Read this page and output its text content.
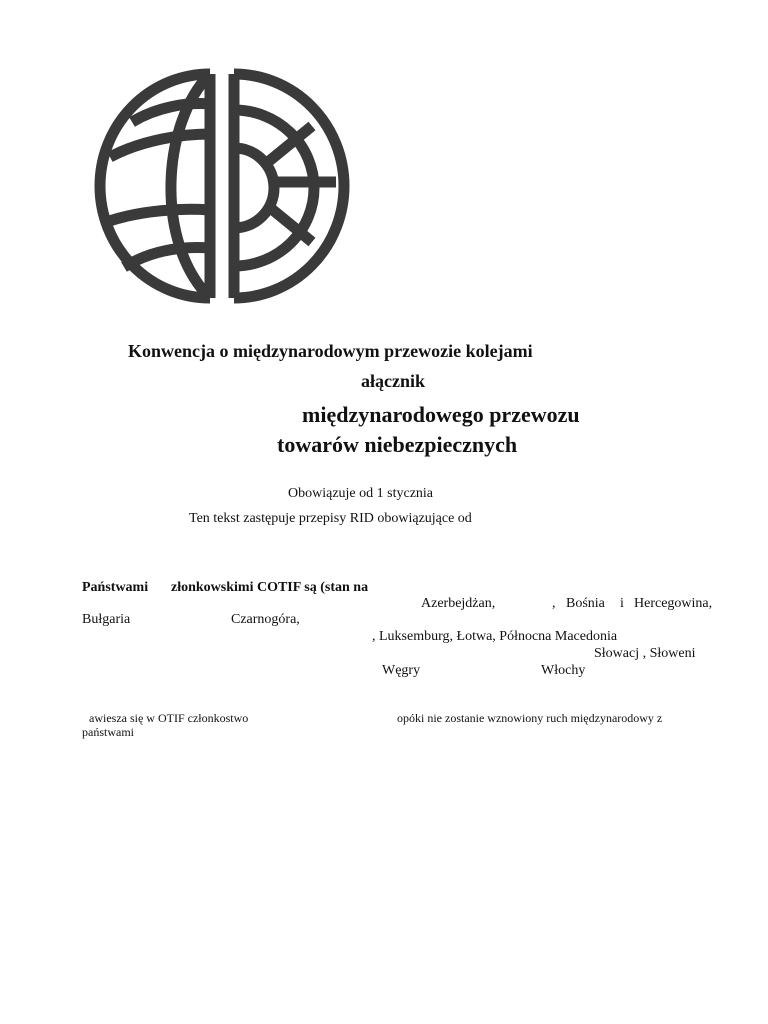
Konwencja o międzynarodowym przewozie kolejami
ałącznik
międzynarodowego przewozu
towarów niebezpiecznych
Obowiązuje od 1 stycznia
Ten tekst zastępuje przepisy RID obowiązujące od
Państwami złonkowskimi COTIF są (stan na
Azerbejdżan,	, Bośnia i Hercegowina,
Bułgaria	Czarnogóra,
, Luksemburg, Łotwa, Północna Macedonia
Słowacj , Słoweni
Węgry	Włochy
awiesza się w OTIF członkostwo	opóki nie zostanie wznowiony ruch międzynarodowy z
państwami
